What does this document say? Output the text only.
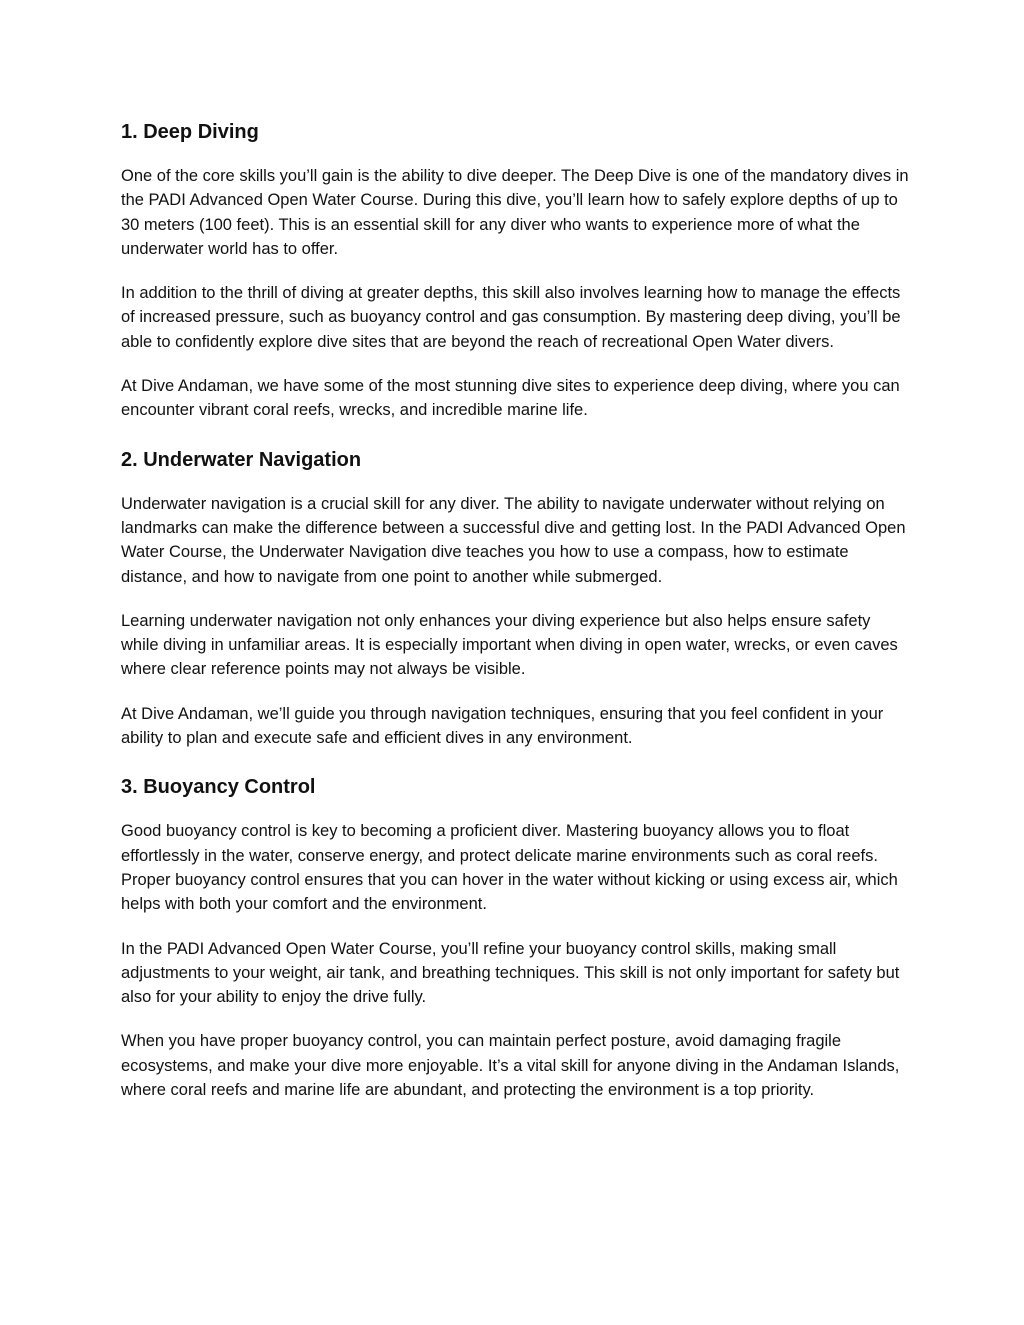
1. Deep Diving

One of the core skills you’ll gain is the ability to dive deeper. The Deep Dive is one of the mandatory dives in the PADI Advanced Open Water Course. During this dive, you’ll learn how to safely explore depths of up to 30 meters (100 feet). This is an essential skill for any diver who wants to experience more of what the underwater world has to offer.

In addition to the thrill of diving at greater depths, this skill also involves learning how to manage the effects of increased pressure, such as buoyancy control and gas consumption. By mastering deep diving, you’ll be able to confidently explore dive sites that are beyond the reach of recreational Open Water divers.

At Dive Andaman, we have some of the most stunning dive sites to experience deep diving, where you can encounter vibrant coral reefs, wrecks, and incredible marine life.

2. Underwater Navigation

Underwater navigation is a crucial skill for any diver. The ability to navigate underwater without relying on landmarks can make the difference between a successful dive and getting lost. In the PADI Advanced Open Water Course, the Underwater Navigation dive teaches you how to use a compass, how to estimate distance, and how to navigate from one point to another while submerged.

Learning underwater navigation not only enhances your diving experience but also helps ensure safety while diving in unfamiliar areas. It is especially important when diving in open water, wrecks, or even caves where clear reference points may not always be visible.

At Dive Andaman, we’ll guide you through navigation techniques, ensuring that you feel confident in your ability to plan and execute safe and efficient dives in any environment.

3. Buoyancy Control

Good buoyancy control is key to becoming a proficient diver. Mastering buoyancy allows you to float effortlessly in the water, conserve energy, and protect delicate marine environments such as coral reefs. Proper buoyancy control ensures that you can hover in the water without kicking or using excess air, which helps with both your comfort and the environment.

In the PADI Advanced Open Water Course, you’ll refine your buoyancy control skills, making small adjustments to your weight, air tank, and breathing techniques. This skill is not only important for safety but also for your ability to enjoy the drive fully.

When you have proper buoyancy control, you can maintain perfect posture, avoid damaging fragile ecosystems, and make your dive more enjoyable. It’s a vital skill for anyone diving in the Andaman Islands, where coral reefs and marine life are abundant, and protecting the environment is a top priority.
